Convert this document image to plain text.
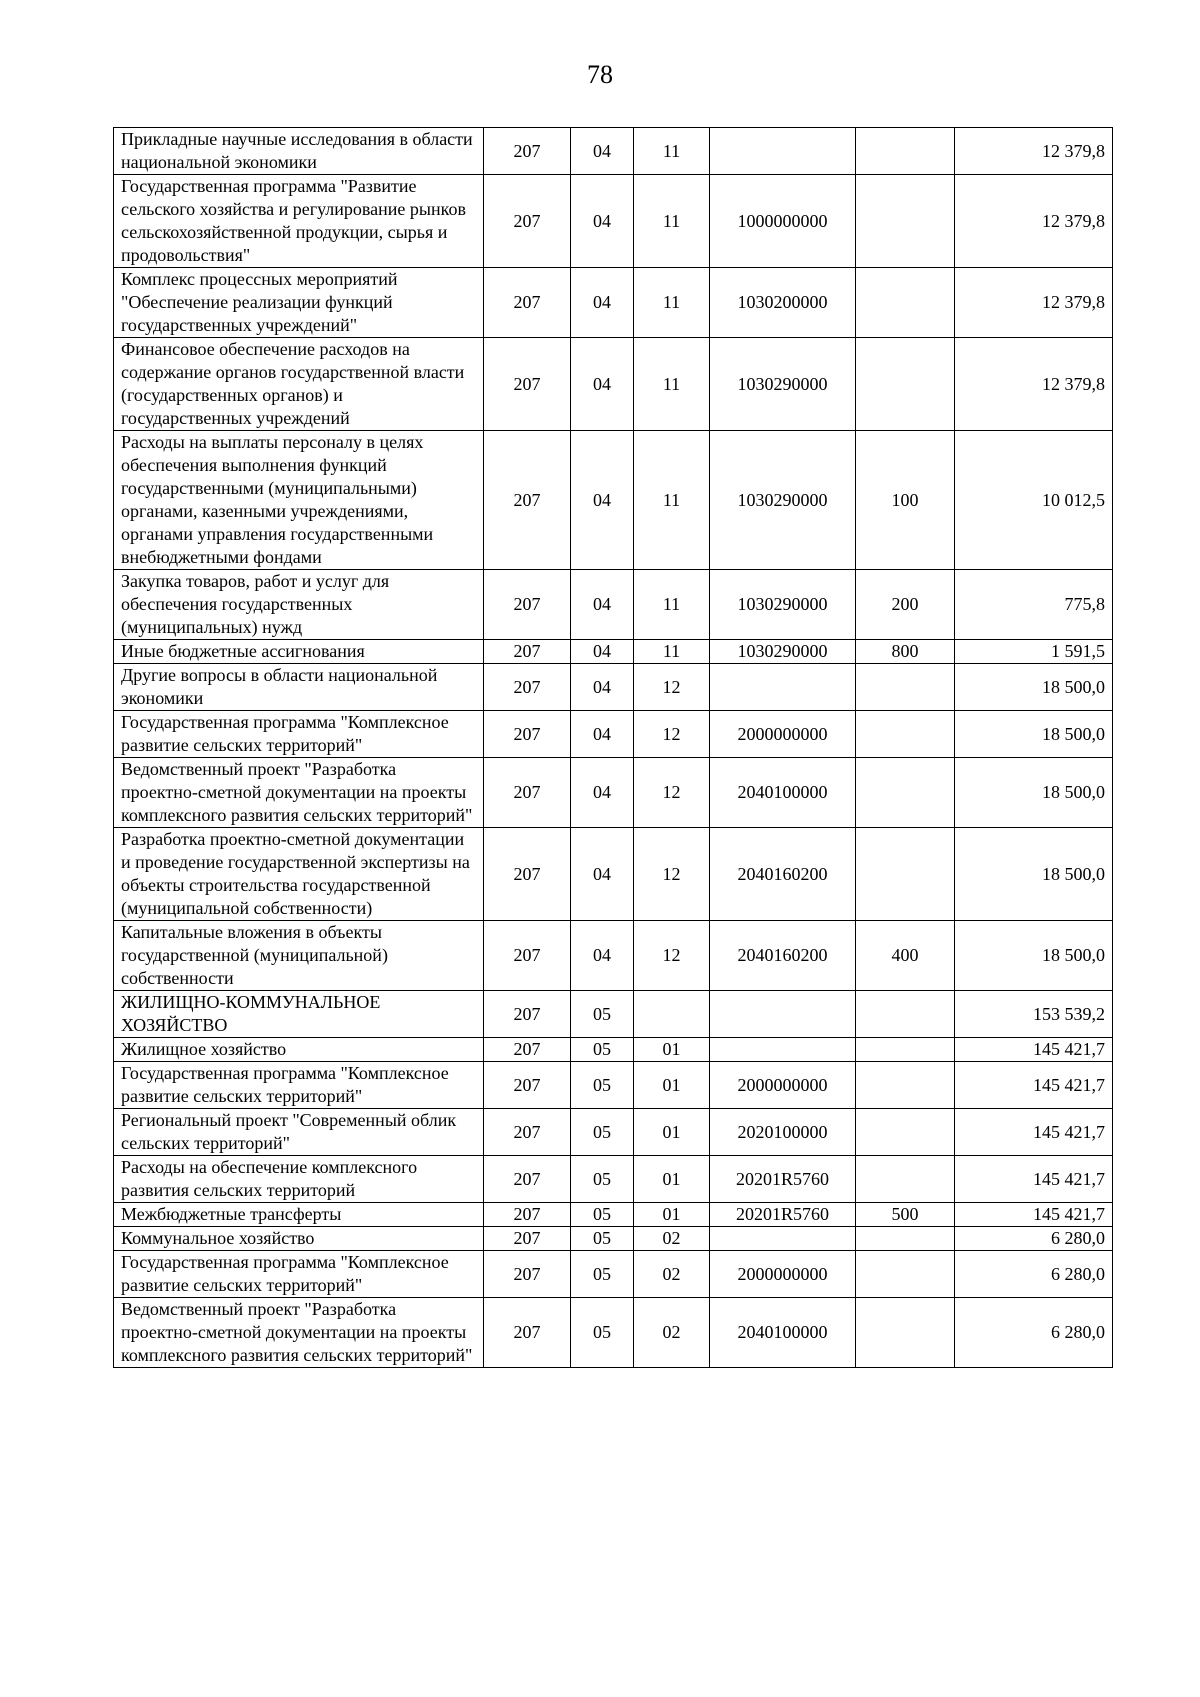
78
Прикладные научные исследования в области национальной экономики	207	04	11			12 379,8
Государственная программа "Развитие сельского хозяйства и регулирование рынков сельскохозяйственной продукции, сырья и продовольствия"	207	04	11	1000000000		12 379,8
Комплекс процессных мероприятий "Обеспечение реализации функций государственных учреждений"	207	04	11	1030200000		12 379,8
Финансовое обеспечение расходов на содержание органов государственной власти (государственных органов) и государственных учреждений	207	04	11	1030290000		12 379,8
Расходы на выплаты персоналу в целях обеспечения выполнения функций государственными (муниципальными) органами, казенными учреждениями, органами управления государственными внебюджетными фондами	207	04	11	1030290000	100	10 012,5
Закупка товаров, работ и услуг для обеспечения государственных (муниципальных) нужд	207	04	11	1030290000	200	775,8
Иные бюджетные ассигнования	207	04	11	1030290000	800	1 591,5
Другие вопросы в области национальной экономики	207	04	12			18 500,0
Государственная программа "Комплексное развитие сельских территорий"	207	04	12	2000000000		18 500,0
Ведомственный проект "Разработка проектно-сметной документации на проекты комплексного развития сельских территорий"	207	04	12	2040100000		18 500,0
Разработка проектно-сметной документации и проведение государственной экспертизы на объекты строительства государственной (муниципальной собственности)	207	04	12	2040160200		18 500,0
Капитальные вложения в объекты государственной (муниципальной) собственности	207	04	12	2040160200	400	18 500,0
ЖИЛИЩНО-КОММУНАЛЬНОЕ ХОЗЯЙСТВО	207	05				153 539,2
Жилищное хозяйство	207	05	01			145 421,7
Государственная программа "Комплексное развитие сельских территорий"	207	05	01	2000000000		145 421,7
Региональный проект "Современный облик сельских территорий"	207	05	01	2020100000		145 421,7
Расходы на обеспечение комплексного развития сельских территорий	207	05	01	20201R5760		145 421,7
Межбюджетные трансферты	207	05	01	20201R5760	500	145 421,7
Коммунальное хозяйство	207	05	02			6 280,0
Государственная программа "Комплексное развитие сельских территорий"	207	05	02	2000000000		6 280,0
Ведомственный проект "Разработка проектно-сметной документации на проекты комплексного развития сельских территорий"	207	05	02	2040100000		6 280,0
